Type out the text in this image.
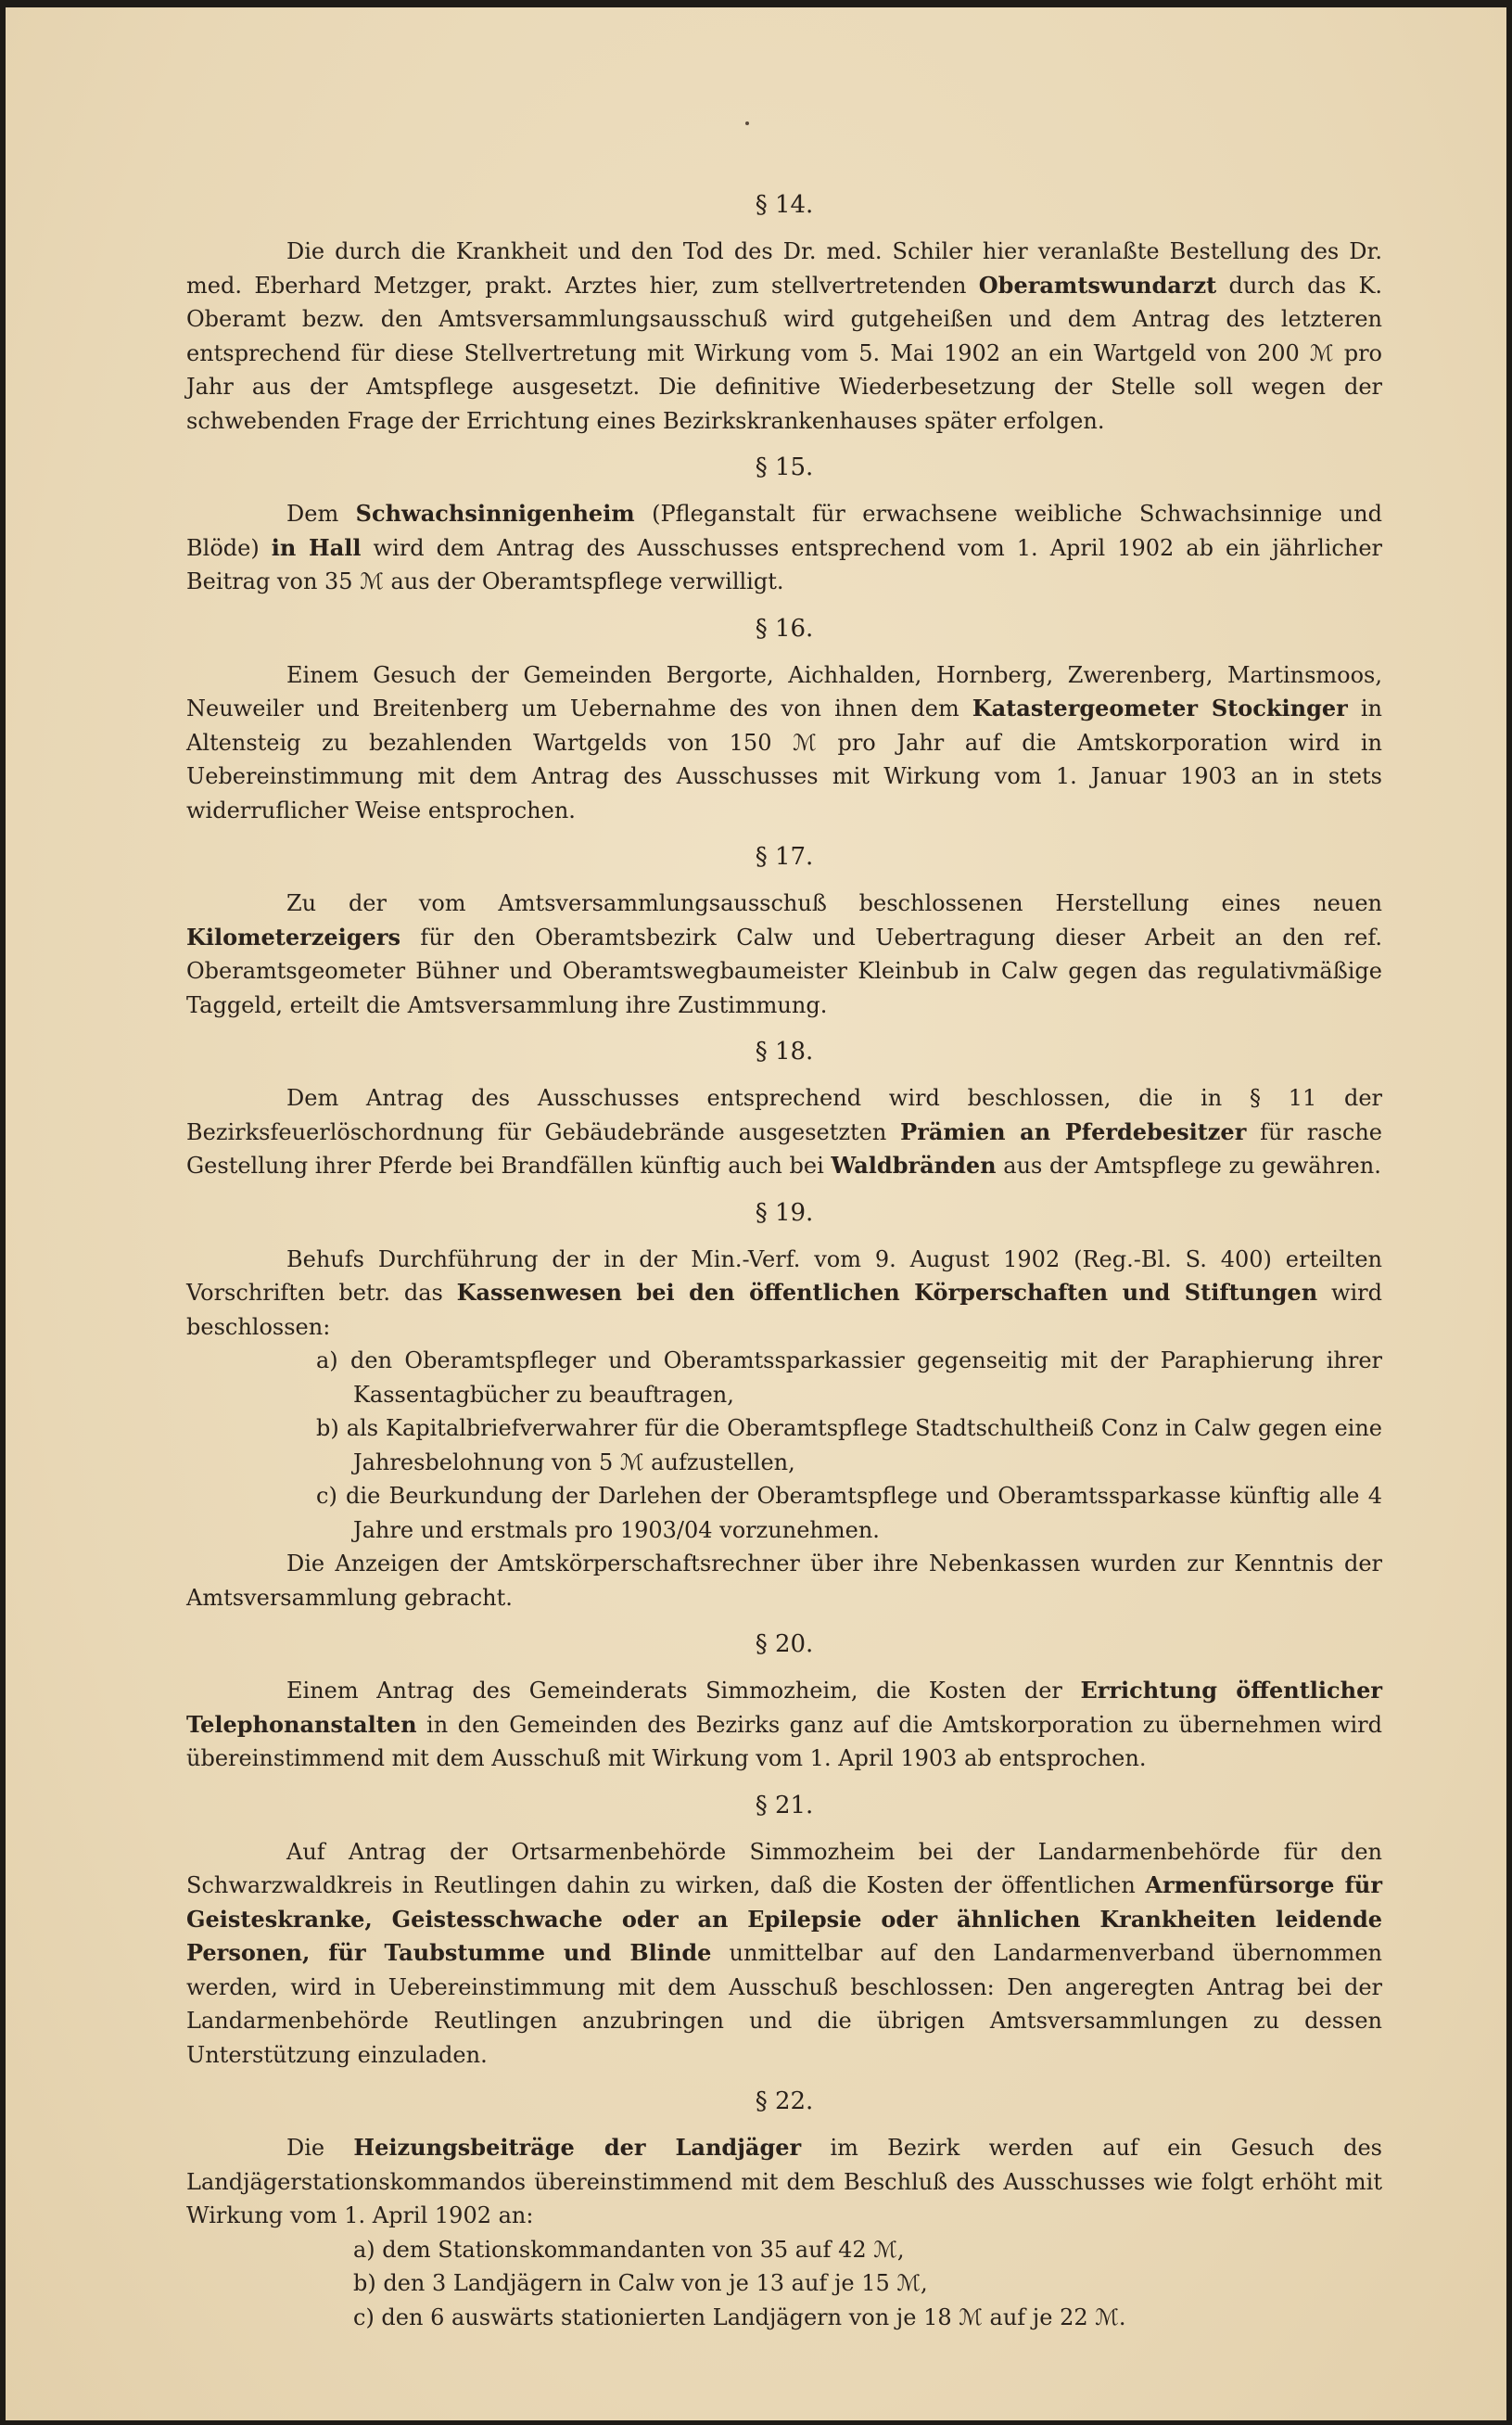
§ 14.

Die durch die Krankheit und den Tod des Dr. med. Schiler hier veranlaßte Bestellung des Dr. med. Eberhard Metzger, prakt. Arztes hier, zum stellvertretenden Oberamtswundarzt durch das K. Oberamt bezw. den Amtsversammlungsausschuß wird gutgeheißen und dem Antrag des letzteren entsprechend für diese Stellvertretung mit Wirkung vom 5. Mai 1902 an ein Wartgeld von 200 ℳ pro Jahr aus der Amtspflege ausgesetzt. Die definitive Wiederbesetzung der Stelle soll wegen der schwebenden Frage der Errichtung eines Bezirkskrankenhauses später erfolgen.

§ 15.

Dem Schwachsinnigenheim (Pfleganstalt für erwachsene weibliche Schwachsinnige und Blöde) in Hall wird dem Antrag des Ausschusses entsprechend vom 1. April 1902 ab ein jährlicher Beitrag von 35 ℳ aus der Oberamtspflege verwilligt.

§ 16.

Einem Gesuch der Gemeinden Bergorte, Aichhalden, Hornberg, Zwerenberg, Martinsmoos, Neuweiler und Breitenberg um Uebernahme des von ihnen dem Katastergeometer Stockinger in Altensteig zu bezahlenden Wartgelds von 150 ℳ pro Jahr auf die Amtskorporation wird in Uebereinstimmung mit dem Antrag des Ausschusses mit Wirkung vom 1. Januar 1903 an in stets widerruflicher Weise entsprochen.

§ 17.

Zu der vom Amtsversammlungsausschuß beschlossenen Herstellung eines neuen Kilometerzeigers für den Oberamtsbezirk Calw und Uebertragung dieser Arbeit an den ref. Oberamtsgeometer Bühner und Oberamtswegbaumeister Kleinbub in Calw gegen das regulativmäßige Taggeld, erteilt die Amtsversammlung ihre Zustimmung.

§ 18.

Dem Antrag des Ausschusses entsprechend wird beschlossen, die in § 11 der Bezirksfeuerlöschordnung für Gebäudebrände ausgesetzten Prämien an Pferdebesitzer für rasche Gestellung ihrer Pferde bei Brandfällen künftig auch bei Waldbränden aus der Amtspflege zu gewähren.

§ 19.

Behufs Durchführung der in der Min.-Verf. vom 9. August 1902 (Reg.-Bl. S. 400) erteilten Vorschriften betr. das Kassenwesen bei den öffentlichen Körperschaften und Stiftungen wird beschlossen:

a) den Oberamtspfleger und Oberamtssparkassier gegenseitig mit der Paraphierung ihrer Kassentagbücher zu beauftragen,
b) als Kapitalbriefverwahrer für die Oberamtspflege Stadtschultheiß Conz in Calw gegen eine Jahresbelohnung von 5 ℳ aufzustellen,
c) die Beurkundung der Darlehen der Oberamtspflege und Oberamtssparkasse künftig alle 4 Jahre und erstmals pro 1903/04 vorzunehmen.

Die Anzeigen der Amtskörperschaftsrechner über ihre Nebenkassen wurden zur Kenntnis der Amtsversammlung gebracht.

§ 20.

Einem Antrag des Gemeinderats Simmozheim, die Kosten der Errichtung öffentlicher Telephonanstalten in den Gemeinden des Bezirks ganz auf die Amtskorporation zu übernehmen wird übereinstimmend mit dem Ausschuß mit Wirkung vom 1. April 1903 ab entsprochen.

§ 21.

Auf Antrag der Ortsarmenbehörde Simmozheim bei der Landarmenbehörde für den Schwarzwaldkreis in Reutlingen dahin zu wirken, daß die Kosten der öffentlichen Armenfürsorge für Geisteskranke, Geistesschwache oder an Epilepsie oder ähnlichen Krankheiten leidende Personen, für Taubstumme und Blinde unmittelbar auf den Landarmenverband übernommen werden, wird in Uebereinstimmung mit dem Ausschuß beschlossen: Den angeregten Antrag bei der Landarmenbehörde Reutlingen anzubringen und die übrigen Amtsversammlungen zu dessen Unterstützung einzuladen.

§ 22.

Die Heizungsbeiträge der Landjäger im Bezirk werden auf ein Gesuch des Landjägerstationskommandos übereinstimmend mit dem Beschluß des Ausschusses wie folgt erhöht mit Wirkung vom 1. April 1902 an:

a) dem Stationskommandanten von 35 auf 42 ℳ,
b) den 3 Landjägern in Calw von je 13 auf je 15 ℳ,
c) den 6 auswärts stationierten Landjägern von je 18 ℳ auf je 22 ℳ.
